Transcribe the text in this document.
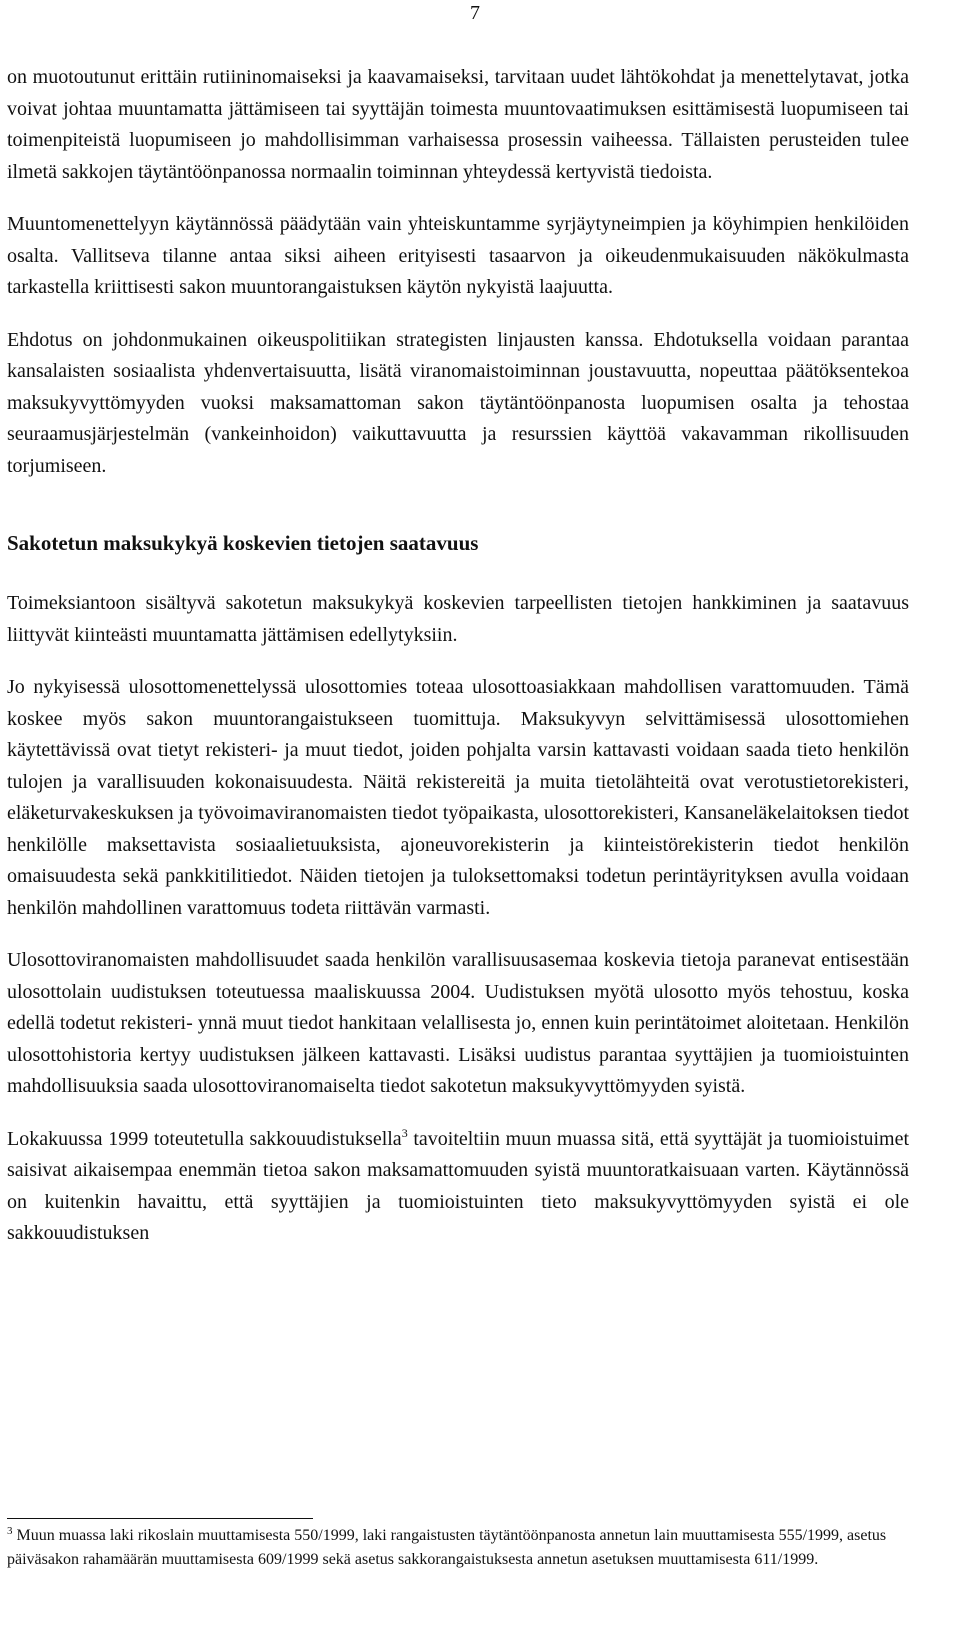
7

on muotoutunut erittäin rutiininomaiseksi ja kaavamaiseksi, tarvitaan uudet lähtökohdat ja menettelytavat, jotka voivat johtaa muuntamatta jättämiseen tai syyttäjän toimesta muuntovaatimuksen esittämisestä luopumiseen tai toimenpiteistä luopumiseen jo mahdollisimman varhaisessa prosessin vaiheessa. Tällaisten perusteiden tulee ilmetä sakkojen täytäntöönpanossa normaalin toiminnan yhteydessä kertyvistä tiedoista.

Muuntomenettelyyn käytännössä päädytään vain yhteiskuntamme syrjäytyneimpien ja köyhimpien henkilöiden osalta. Vallitseva tilanne antaa siksi aiheen erityisesti tasaarvon ja oikeudenmukaisuuden näkökulmasta tarkastella kriittisesti sakon muuntorangaistuksen käytön nykyistä laajuutta.

Ehdotus on johdonmukainen oikeuspolitiikan strategisten linjausten kanssa. Ehdotuksella voidaan parantaa kansalaisten sosiaalista yhdenvertaisuutta, lisätä viranomaistoiminnan joustavuutta, nopeuttaa päätöksentekoa maksukyvyttömyyden vuoksi maksamattoman sakon täytäntöönpanosta luopumisen osalta ja tehostaa seuraamusjärjestelmän (vankeinhoidon) vaikuttavuutta ja resurssien käyttöä vakavamman rikollisuuden torjumiseen.

Sakotetun maksukykyä koskevien tietojen saatavuus

Toimeksiantoon sisältyvä sakotetun maksukykyä koskevien tarpeellisten tietojen hankkiminen ja saatavuus liittyvät kiinteästi muuntamatta jättämisen edellytyksiin.

Jo nykyisessä ulosottomenettelyssä ulosottomies toteaa ulosottoasiakkaan mahdollisen varattomuuden. Tämä koskee myös sakon muuntorangaistukseen tuomittuja. Maksukyvyn selvittämisessä ulosottomiehen käytettävissä ovat tietyt rekisteri- ja muut tiedot, joiden pohjalta varsin kattavasti voidaan saada tieto henkilön tulojen ja varallisuuden kokonaisuudesta. Näitä rekistereitä ja muita tietolähteitä ovat verotustietorekisteri, eläketurvakeskuksen ja työvoimaviranomaisten tiedot työpaikasta, ulosottorekisteri, Kansaneläkelaitoksen tiedot henkilölle maksettavista sosiaalietuuksista, ajoneuvorekisterin ja kiinteistörekisterin tiedot henkilön omaisuudesta sekä pankkitilitiedot. Näiden tietojen ja tuloksettomaksi todetun perintäyrityksen avulla voidaan henkilön mahdollinen varattomuus todeta riittävän varmasti.

Ulosottoviranomaisten mahdollisuudet saada henkilön varallisuusasemaa koskevia tietoja paranevat entisestään ulosottolain uudistuksen toteutuessa maaliskuussa 2004. Uudistuksen myötä ulosotto myös tehostuu, koska edellä todetut rekisteri- ynnä muut tiedot hankitaan velallisesta jo, ennen kuin perintätoimet aloitetaan. Henkilön ulosottohistoria kertyy uudistuksen jälkeen kattavasti. Lisäksi uudistus parantaa syyttäjien ja tuomioistuinten mahdollisuuksia saada ulosottoviranomaiselta tiedot sakotetun maksukyvyttömyyden syistä.

Lokakuussa 1999 toteutetulla sakkouudistuksella$^3$ tavoiteltiin muun muassa sitä, että syyttäjät ja tuomioistuimet saisivat aikaisempaa enemmän tietoa sakon maksamattomuuden syistä muuntoratkaisuaan varten. Käytännössä on kuitenkin havaittu, että syyttäjien ja tuomioistuinten tieto maksukyvyttömyyden syistä ei ole sakkouudistuksen

$^3$ Muun muassa laki rikoslain muuttamisesta 550/1999, laki rangaistusten täytäntöönpanosta annetun lain muuttamisesta 555/1999, asetus päiväsakon rahamäärän muuttamisesta 609/1999 sekä asetus sakkorangaistuksesta annetun asetuksen muuttamisesta 611/1999.
